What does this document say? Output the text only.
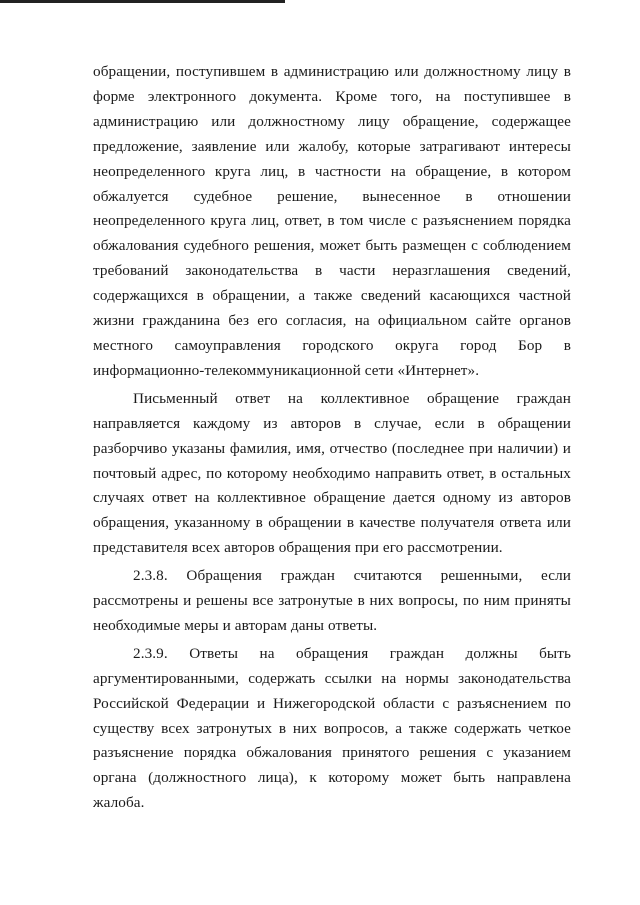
обращении, поступившем в администрацию или должностному лицу в форме электронного документа. Кроме того, на поступившее в администрацию или должностному лицу обращение, содержащее предложение, заявление или жалобу, которые затрагивают интересы неопределенного круга лиц, в частности на обращение, в котором обжалуется судебное решение, вынесенное в отношении неопределенного круга лиц, ответ, в том числе с разъяснением порядка обжалования судебного решения, может быть размещен с соблюдением требований законодательства в части неразглашения сведений, содержащихся в обращении, а также сведений касающихся частной жизни гражданина без его согласия, на официальном сайте органов местного самоуправления городского округа город Бор в информационно-телекоммуникационной сети «Интернет».

Письменный ответ на коллективное обращение граждан направляется каждому из авторов в случае, если в обращении разборчиво указаны фамилия, имя, отчество (последнее при наличии) и почтовый адрес, по которому необходимо направить ответ, в остальных случаях ответ на коллективное обращение дается одному из авторов обращения, указанному в обращении в качестве получателя ответа или представителя всех авторов обращения при его рассмотрении.

2.3.8. Обращения граждан считаются решенными, если рассмотрены и решены все затронутые в них вопросы, по ним приняты необходимые меры и авторам даны ответы.

2.3.9. Ответы на обращения граждан должны быть аргументированными, содержать ссылки на нормы законодательства Российской Федерации и Нижегородской области с разъяснением по существу всех затронутых в них вопросов, а также содержать четкое разъяснение порядка обжалования принятого решения с указанием органа (должностного лица), к которому может быть направлена жалоба.
